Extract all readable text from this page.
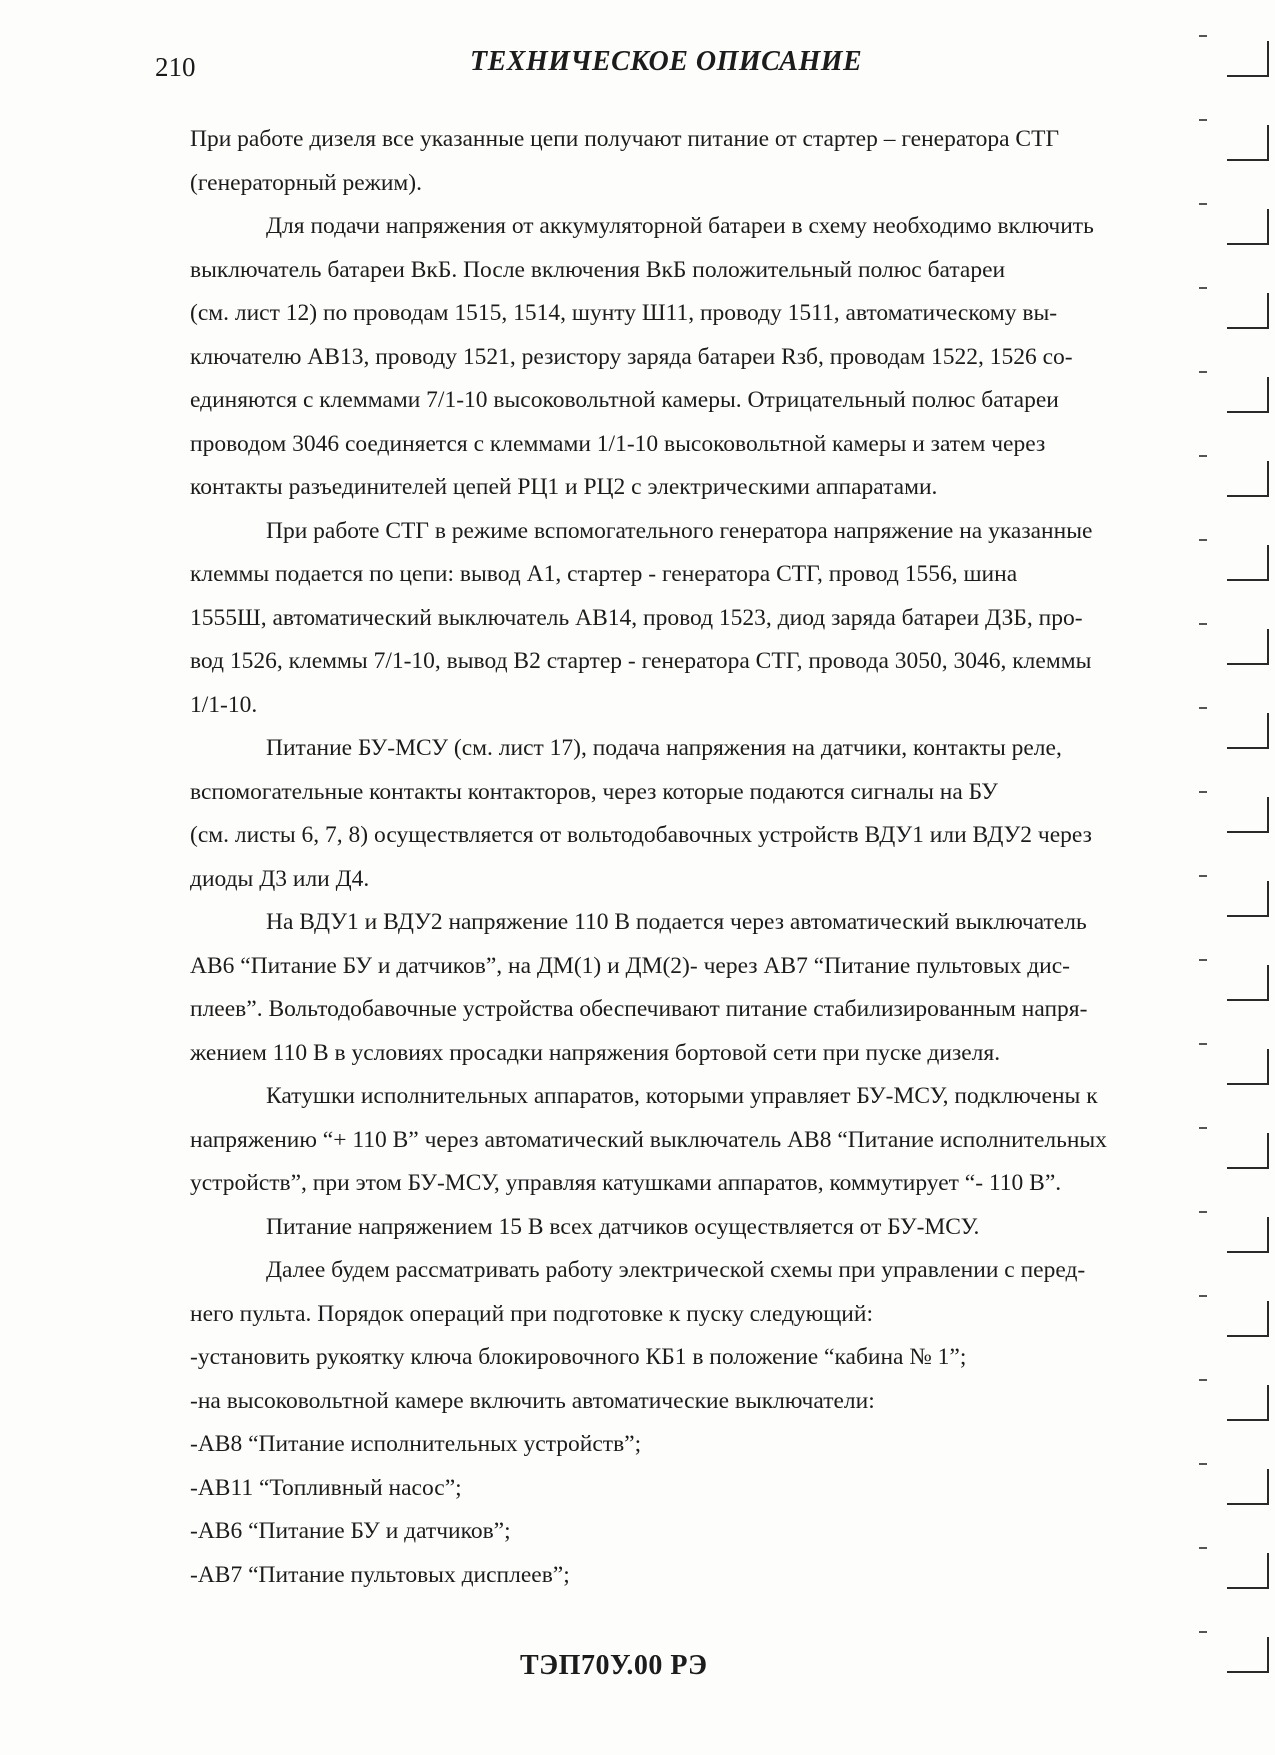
210	ТЕХНИЧЕСКОЕ ОПИСАНИЕ
При работе дизеля все указанные цепи получают питание от стартер – генератора СТГ
(генераторный режим).
Для подачи напряжения от аккумуляторной батареи в схему необходимо включить
выключатель батареи ВкБ. После включения ВкБ положительный полюс батареи
(см. лист 12) по проводам 1515, 1514, шунту Ш11, проводу 1511, автоматическому вы-
ключателю АВ13, проводу 1521, резистору заряда батареи Rзб, проводам 1522, 1526 со-
единяются с клеммами 7/1-10 высоковольтной камеры. Отрицательный полюс батареи
проводом 3046 соединяется с клеммами 1/1-10 высоковольтной камеры и затем через
контакты разъединителей цепей РЦ1 и РЦ2 с электрическими аппаратами.
При работе СТГ в режиме вспомогательного генератора напряжение на указанные
клеммы подается по цепи: вывод А1, стартер - генератора СТГ, провод 1556, шина
1555Ш, автоматический выключатель АВ14, провод 1523, диод заряда батареи ДЗБ, про-
вод 1526, клеммы 7/1-10, вывод В2 стартер - генератора СТГ, провода 3050, 3046, клеммы
1/1-10.
Питание БУ-МСУ (см. лист 17), подача напряжения на датчики, контакты реле,
вспомогательные контакты контакторов, через которые подаются сигналы на БУ
(см. листы 6, 7, 8) осуществляется от вольтодобавочных устройств ВДУ1 или ВДУ2 через
диоды Д3 или Д4.
На ВДУ1 и ВДУ2 напряжение 110 В подается через автоматический выключатель
АВ6 “Питание БУ и датчиков”, на ДМ(1) и ДМ(2)- через АВ7 “Питание пультовых дис-
плеев”. Вольтодобавочные устройства обеспечивают питание стабилизированным напря-
жением 110 В в условиях просадки напряжения бортовой сети при пуске дизеля.
Катушки исполнительных аппаратов, которыми управляет БУ-МСУ, подключены к
напряжению “+ 110 В” через автоматический выключатель АВ8 “Питание исполнительных
устройств”, при этом БУ-МСУ, управляя катушками аппаратов, коммутирует “- 110 В”.
Питание напряжением 15 В всех датчиков осуществляется от БУ-МСУ.
Далее будем рассматривать работу электрической схемы при управлении с перед-
него пульта. Порядок операций при подготовке к пуску следующий:
-установить рукоятку ключа блокировочного КБ1 в положение “кабина № 1”;
-на высоковольтной камере включить автоматические выключатели:
-АВ8 “Питание исполнительных устройств”;
-АВ11 “Топливный насос”;
-АВ6 “Питание БУ и датчиков”;
-АВ7 “Питание пультовых дисплеев”;
ТЭП70У.00 РЭ
